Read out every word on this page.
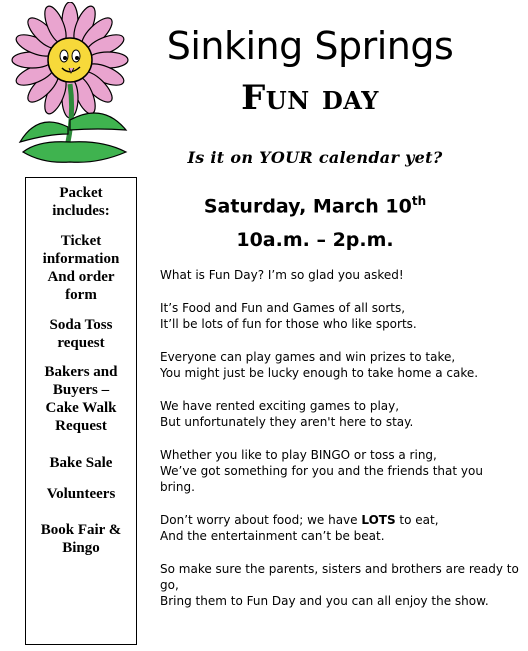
Sinking Springs
Fun day
Is it on YOUR calendar yet?
Packet
includes:
Ticket
information
And order
form
Soda Toss
request
Bakers and
Buyers –
Cake Walk
Request
Bake Sale
Volunteers
Book Fair &
Bingo
Saturday, March 10th
10a.m. – 2p.m.

What is Fun Day? I’m so glad you asked!

It’s Food and Fun and Games of all sorts,
It’ll be lots of fun for those who like sports.

Everyone can play games and win prizes to take,
You might just be lucky enough to take home a cake.

We have rented exciting games to play,
But unfortunately they aren't here to stay.

Whether you like to play BINGO or toss a ring,
We’ve got something for you and the friends that you bring.

Don’t worry about food; we have LOTS to eat,
And the entertainment can’t be beat.

So make sure the parents, sisters and brothers are ready to go,
Bring them to Fun Day and you can all enjoy the show.
